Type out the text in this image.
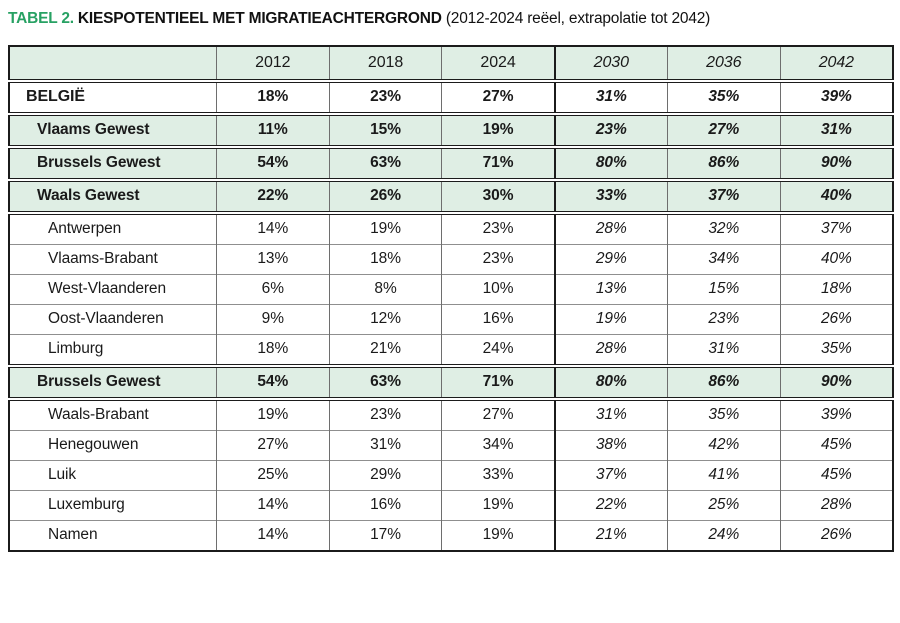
TABEL 2. KIESPOTENTIEEL MET MIGRATIEACHTERGROND (2012-2024 reëel, extrapolatie tot 2042)
	2012	2018	2024	2030	2036	2042
BELGIË	18%	23%	27%	31%	35%	39%
Vlaams Gewest	11%	15%	19%	23%	27%	31%
Brussels Gewest	54%	63%	71%	80%	86%	90%
Waals Gewest	22%	26%	30%	33%	37%	40%
Antwerpen	14%	19%	23%	28%	32%	37%
Vlaams-Brabant	13%	18%	23%	29%	34%	40%
West-Vlaanderen	6%	8%	10%	13%	15%	18%
Oost-Vlaanderen	9%	12%	16%	19%	23%	26%
Limburg	18%	21%	24%	28%	31%	35%
Brussels Gewest	54%	63%	71%	80%	86%	90%
Waals-Brabant	19%	23%	27%	31%	35%	39%
Henegouwen	27%	31%	34%	38%	42%	45%
Luik	25%	29%	33%	37%	41%	45%
Luxemburg	14%	16%	19%	22%	25%	28%
Namen	14%	17%	19%	21%	24%	26%
